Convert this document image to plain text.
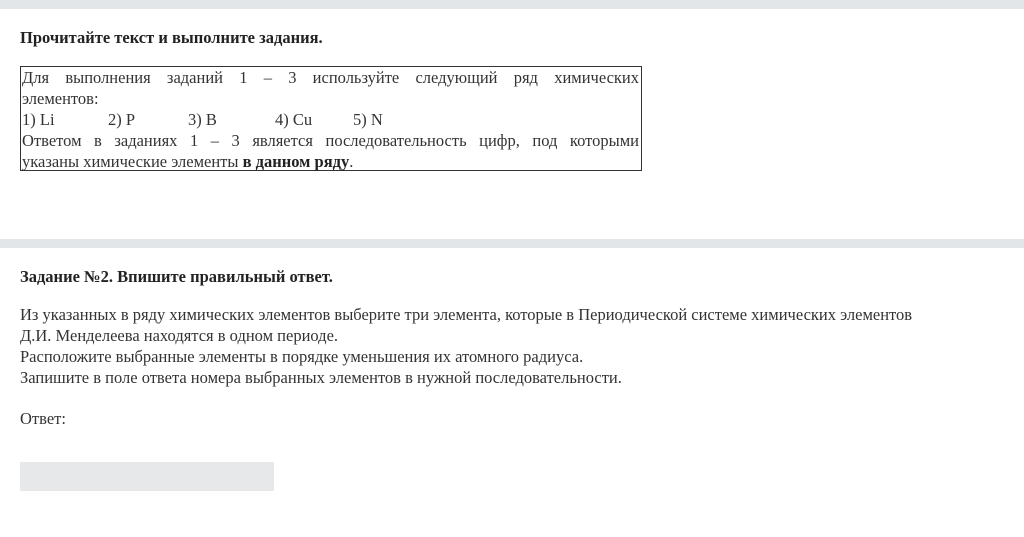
Прочитайте текст и выполните задания.
Для выполнения заданий 1 – 3 используйте следующий ряд химических
элементов:
1) Li	2) P	3) B	4) Cu 5) N
Ответом в заданиях 1 – 3 является последовательность цифр, под которыми
указаны химические элементы в данном ряду.
Задание №2. Впишите правильный ответ.

Из указанных в ряду химических элементов выберите три элемента, которые в Периодической системе химических элементов

Д.И. Менделеева находятся в одном периоде.

Расположите выбранные элементы в порядке уменьшения их атомного радиуса.

Запишите в поле ответа номера выбранных элементов в нужной последовательности.

Ответ:
